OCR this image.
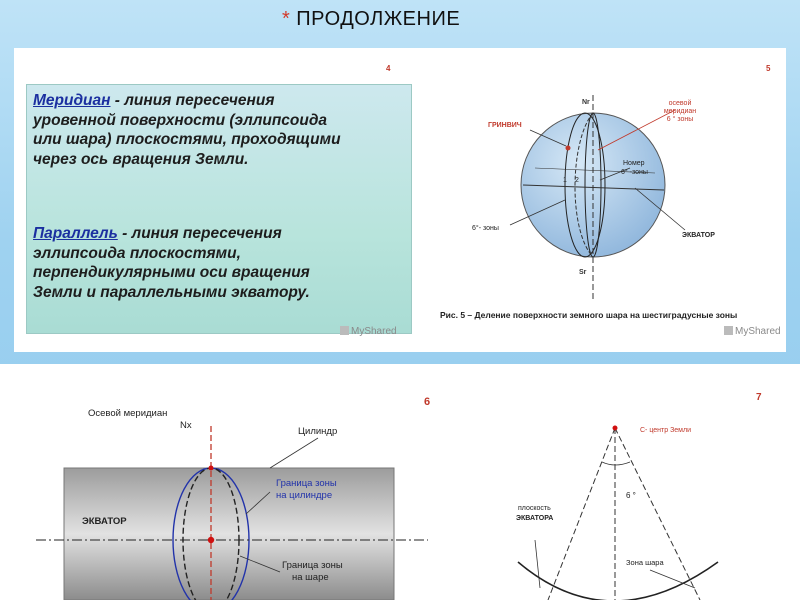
* ПРОДОЛЖЕНИЕ
Меридиан - линия пересечения
уровенной поверхности (эллипсоида
или шара) плоскостями, проходящими
через ось вращения Земли.
Параллель - линия пересечения
эллипсоида плоскостями,
перпендикулярными оси вращения
Земли и параллельными экватору.
4	5
6	7
MyShared	MyShared
Nr
Sr
ГРИНВИЧ
осевой
меридиан
6 ° зоны
Номер
6° -зоны
1 2
6°- зоны
ЭКВАТОР
Рис. 5 – Деление поверхности земного шара на шестиградусные зоны
Осевой меридиан
Nx
Цилиндр
Граница зоны
на цилиндре
ЭКВАТОР
Граница зоны
на шаре
С- центр Земли
6 °
плоскость
ЭКВАТОРА
Зона шара
